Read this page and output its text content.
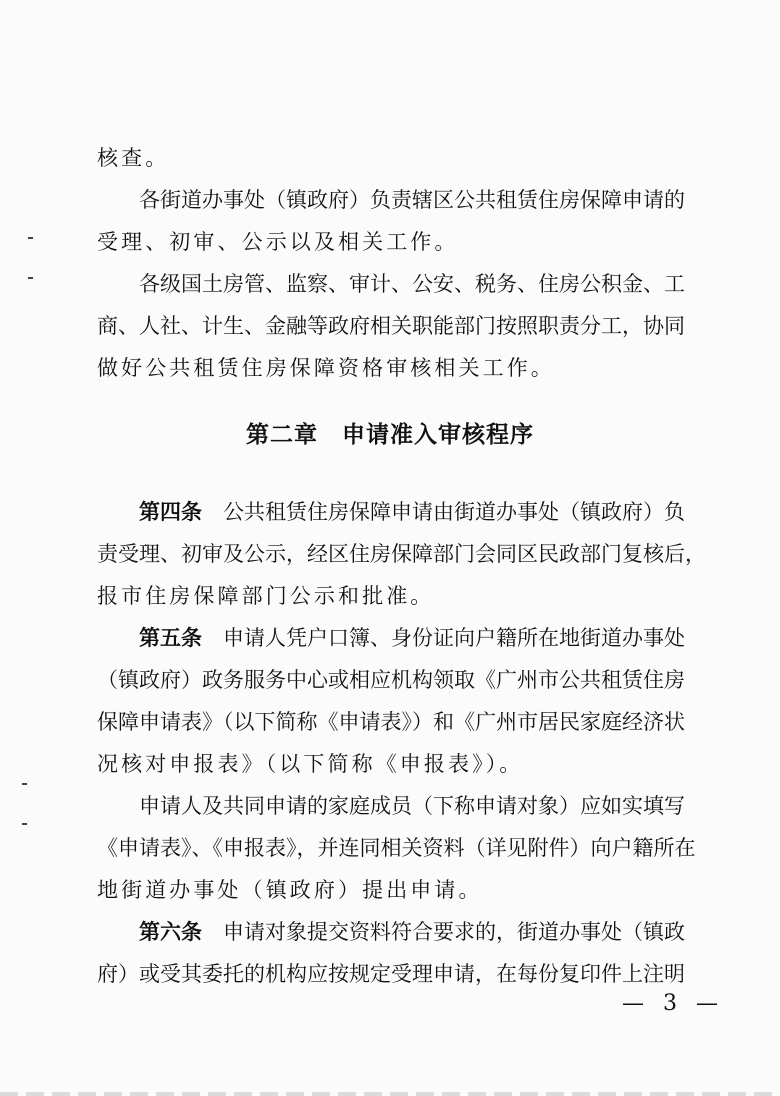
核查。
　　各街道办事处（镇政府）负责辖区公共租赁住房保障申请的
受理、初审、公示以及相关工作。
　　各级国土房管、监察、审计、公安、税务、住房公积金、工
商、人社、计生、金融等政府相关职能部门按照职责分工，协同
做好公共租赁住房保障资格审核相关工作。
第二章　申请准入审核程序
第四条　公共租赁住房保障申请由街道办事处（镇政府）负
责受理、初审及公示，经区住房保障部门会同区民政部门复核后，
报市住房保障部门公示和批准。
第五条　申请人凭户口簿、身份证向户籍所在地街道办事处
（镇政府）政务服务中心或相应机构领取《广州市公共租赁住房
保障申请表》（以下简称《申请表》）和《广州市居民家庭经济状
况核对申报表》（以下简称《申报表》）。
　　申请人及共同申请的家庭成员（下称申请对象）应如实填写
《申请表》、《申报表》，并连同相关资料（详见附件）向户籍所在
地街道办事处（镇政府）提出申请。
第六条　申请对象提交资料符合要求的，街道办事处（镇政
府）或受其委托的机构应按规定受理申请，在每份复印件上注明
— 3 —
